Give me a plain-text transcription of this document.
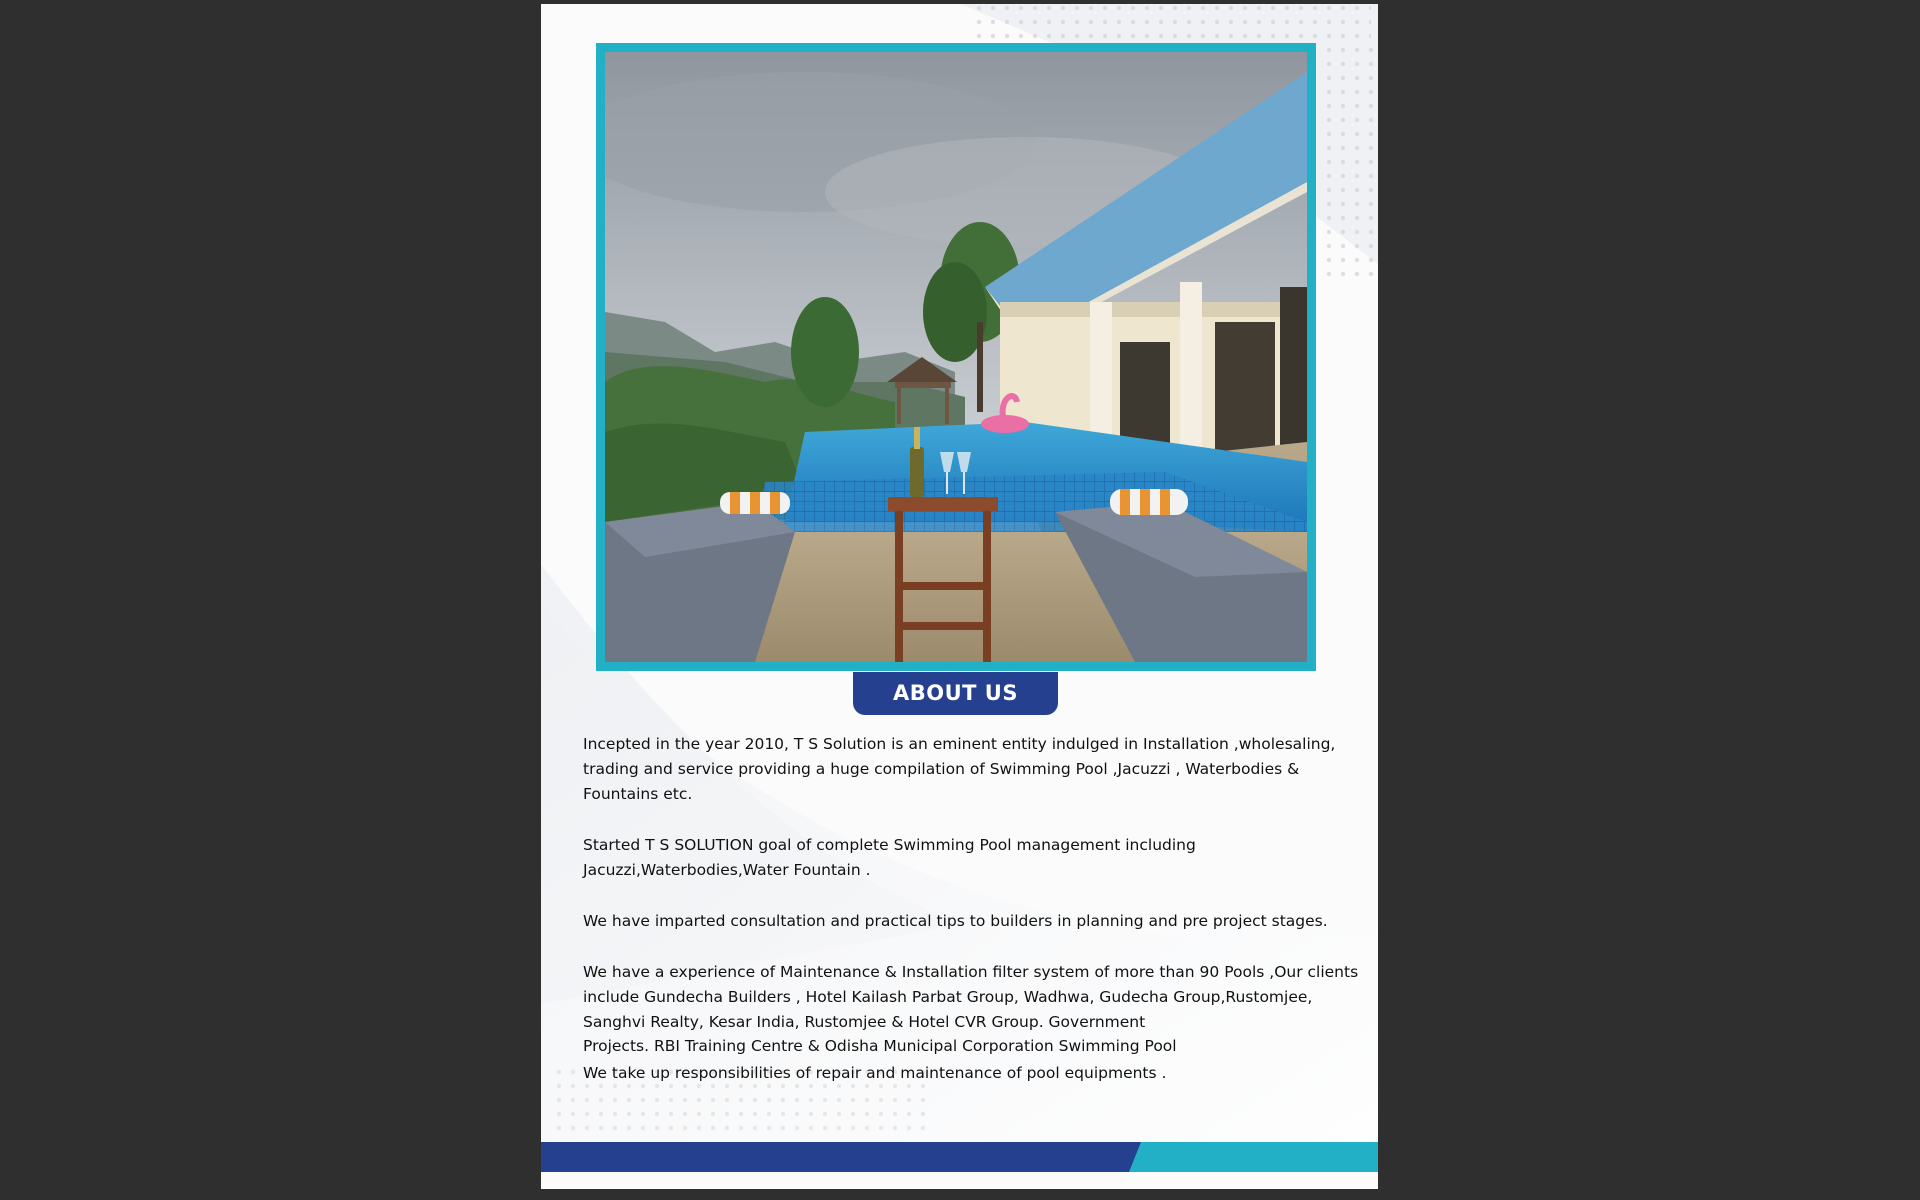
ABOUT US

Incepted in the year 2010, T S Solution is an eminent entity indulged in Installation ,wholesaling, trading and service providing a huge compilation of Swimming Pool ,Jacuzzi , Waterbodies & Fountains etc.

Started T S SOLUTION goal of complete Swimming Pool management including Jacuzzi,Waterbodies,Water Fountain .

We have imparted consultation and practical tips to builders in planning and pre project stages.

We have a experience of Maintenance & Installation filter system of more than 90 Pools ,Our clients include Gundecha Builders , Hotel Kailash Parbat Group, Wadhwa, Gudecha Group,Rustomjee, Sanghvi Realty, Kesar India, Rustomjee & Hotel CVR Group. Government

Projects. RBI Training Centre & Odisha Municipal Corporation Swimming Pool

We take up responsibilities of repair and maintenance of pool equipments .
